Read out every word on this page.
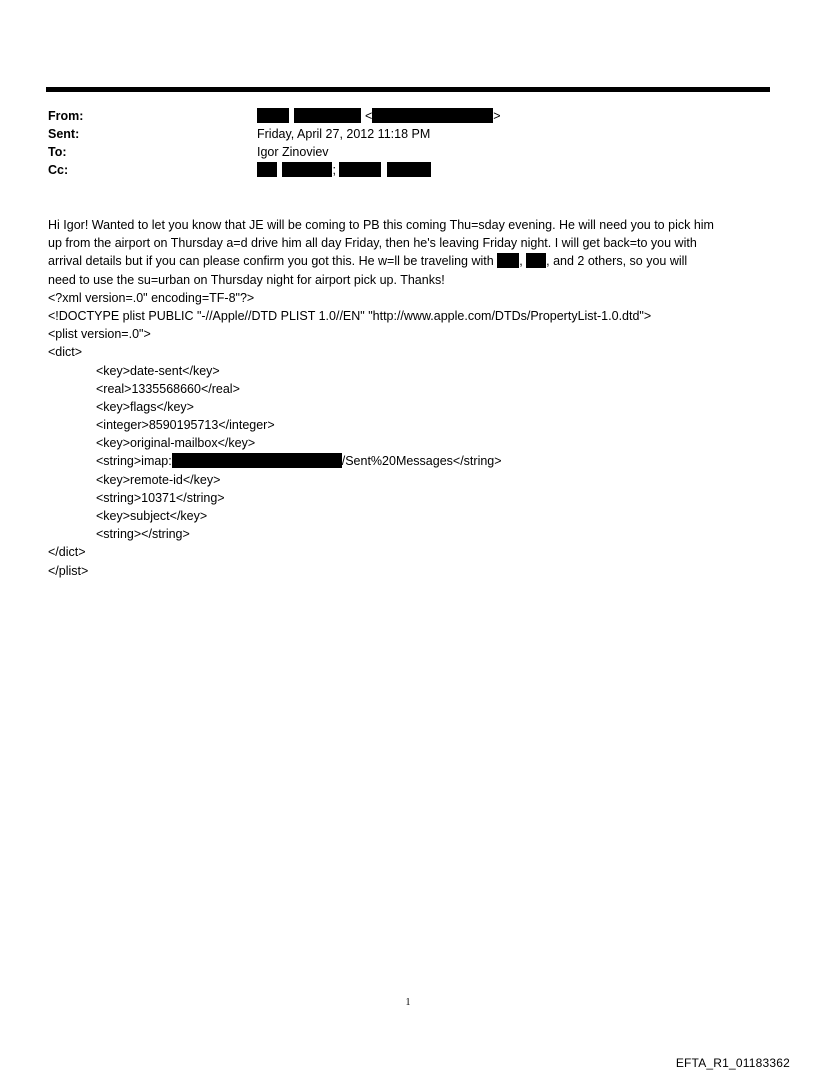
From:
Sent:
To:
Cc:
<	>
Friday, April 27, 2012 11:18 PM
Igor Zinoviev
;
Hi Igor! Wanted to let you know that JE will be coming to PB this coming Thu=sday evening. He will need you to pick him
up from the airport on Thursday a=d drive him all day Friday, then he's leaving Friday night. I will get back=to you with
arrival details but if you can please confirm you got this. He w=ll be traveling with , , and 2 others, so you will
need to use the su=urban on Thursday night for airport pick up. Thanks!
<?xml version=.0" encoding=TF-8"?>
<!DOCTYPE plist PUBLIC "-//Apple//DTD PLIST 1.0//EN" "http://www.apple.com/DTDs/PropertyList-1.0.dtd">
<plist version=.0">
<dict>
<key>date-sent</key>
<real>1335568660</real>
<key>flags</key>
<integer>8590195713</integer>
<key>original-mailbox</key>
<string>imap:	/Sent%20Messages</string>
<key>remote-id</key>
<string>10371</string>
<key>subject</key>
<string></string>
</dict>
</plist>
1
EFTA_R1_01183362
